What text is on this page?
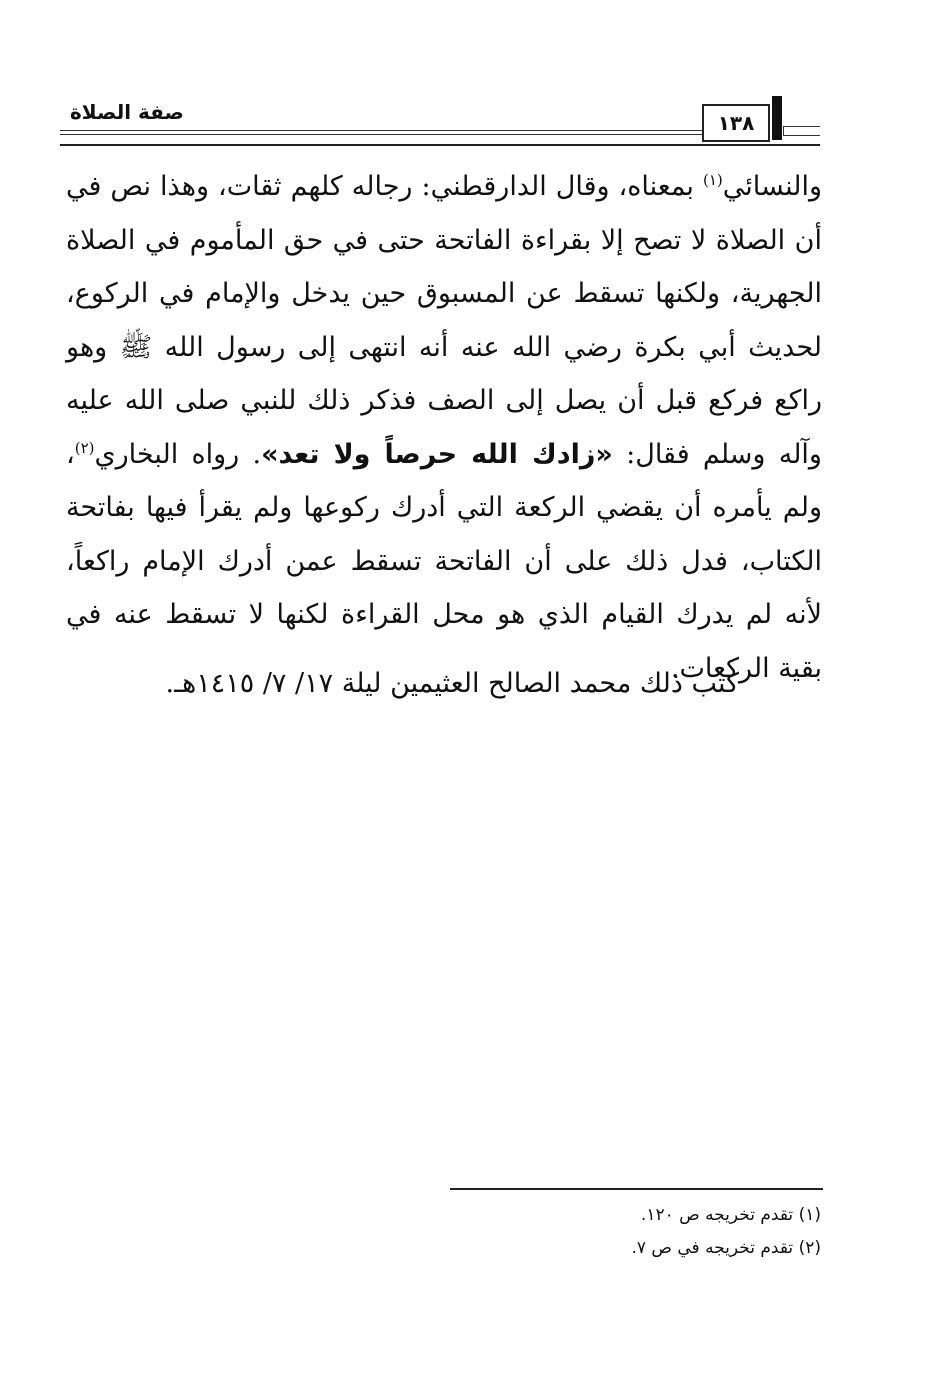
صفة الصلاة	١٣٨

والنسائي$^{(١)}$ بمعناه، وقال الدارقطني: رجاله كلهم ثقات، وهذا نص في أن الصلاة لا تصح إلا بقراءة الفاتحة حتى في حق المأموم في الصلاة الجهرية، ولكنها تسقط عن المسبوق حين يدخل والإمام في الركوع، لحديث أبي بكرة رضي الله عنه أنه انتهى إلى رسول الله ﷺ وهو راكع فركع قبل أن يصل إلى الصف فذكر ذلك للنبي صلى الله عليه وآله وسلم فقال: «زادك الله حرصاً ولا تعد». رواه البخاري$^{(٢)}$، ولم يأمره أن يقضي الركعة التي أدرك ركوعها ولم يقرأ فيها بفاتحة الكتاب، فدل ذلك على أن الفاتحة تسقط عمن أدرك الإمام راكعاً، لأنه لم يدرك القيام الذي هو محل القراءة لكنها لا تسقط عنه في بقية الركعات.

كتب ذلك محمد الصالح العثيمين ليلة ١٧/ ٧/ ١٤١٥هـ.

(١) تقدم تخريجه ص ١٢٠.

(٢) تقدم تخريجه في ص ٧.
